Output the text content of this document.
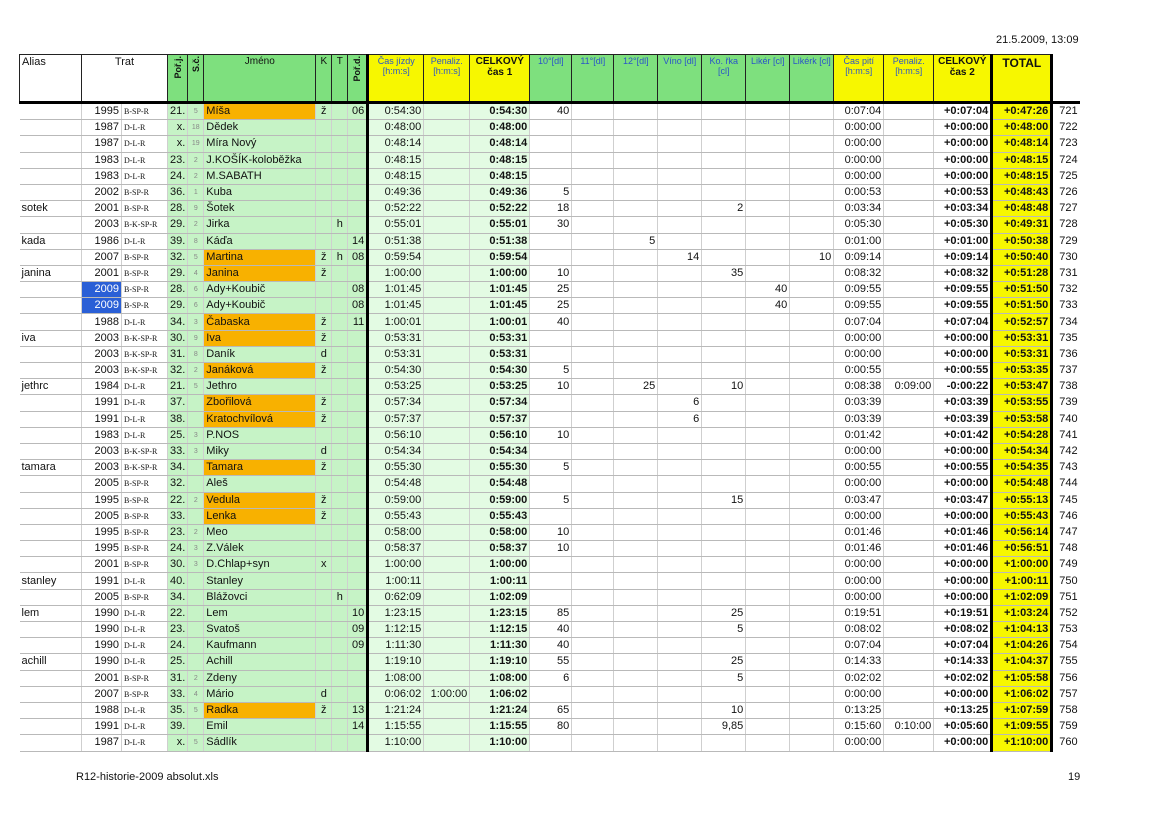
21.5.2009, 13:09
Alias	Trat		Poř.j.	S.č.	Jméno	K	T	Poř.d.	Čas jízdy [h:m:s]	Penaliz. [h:m:s]	CELKOVÝ čas 1	10°[dl]	11°[dl]	12°[dl]	Víno [dl]	Ko. řka [cl]	Likér [cl]	Likérk [cl]	Čas pití [h:m:s]	Penaliz. [h:m:s]	CELKOVÝ čas 2	TOTAL	
	1995	B-SP-R	21.	5	Míša	ž		06	0:54:30		0:54:30	40							0:07:04		+0:07:04	+0:47:26	721
	1987	D-L-R	x.	18	Dědek				0:48:00		0:48:00								0:00:00		+0:00:00	+0:48:00	722
	1987	D-L-R	x.	19	Míra Nový				0:48:14		0:48:14								0:00:00		+0:00:00	+0:48:14	723
	1983	D-L-R	23.	2	J.KOŠÍK-koloběžka				0:48:15		0:48:15								0:00:00		+0:00:00	+0:48:15	724
	1983	D-L-R	24.	2	M.SABATH				0:48:15		0:48:15								0:00:00		+0:00:00	+0:48:15	725
	2002	B-SP-R	36.	1	Kuba				0:49:36		0:49:36	5							0:00:53		+0:00:53	+0:48:43	726
sotek	2001	B-SP-R	28.	9	Šotek				0:52:22		0:52:22	18				2			0:03:34		+0:03:34	+0:48:48	727
	2003	B-K-SP-R	29.	2	Jirka		h		0:55:01		0:55:01	30							0:05:30		+0:05:30	+0:49:31	728
kada	1986	D-L-R	39.	8	Káďa			14	0:51:38		0:51:38			5					0:01:00		+0:01:00	+0:50:38	729
	2007	B-SP-R	32.	5	Martina	ž	h	08	0:59:54		0:59:54				14			10	0:09:14		+0:09:14	+0:50:40	730
janina	2001	B-SP-R	29.	4	Janina	ž			1:00:00		1:00:00	10				35			0:08:32		+0:08:32	+0:51:28	731
	2009	B-SP-R	28.	6	Ady+Koubič			08	1:01:45		1:01:45	25					40		0:09:55		+0:09:55	+0:51:50	732
	2009	B-SP-R	29.	6	Ady+Koubič			08	1:01:45		1:01:45	25					40		0:09:55		+0:09:55	+0:51:50	733
	1988	D-L-R	34.	3	Čabaska	ž		11	1:00:01		1:00:01	40							0:07:04		+0:07:04	+0:52:57	734
iva	2003	B-K-SP-R	30.	9	Iva	ž			0:53:31		0:53:31								0:00:00		+0:00:00	+0:53:31	735
	2003	B-K-SP-R	31.	8	Daník	d			0:53:31		0:53:31								0:00:00		+0:00:00	+0:53:31	736
	2003	B-K-SP-R	32.	2	Janáková	ž			0:54:30		0:54:30	5							0:00:55		+0:00:55	+0:53:35	737
jethrc	1984	D-L-R	21.	5	Jethro				0:53:25		0:53:25	10		25		10			0:08:38	0:09:00	-0:00:22	+0:53:47	738
	1991	D-L-R	37.		Zbořilová	ž			0:57:34		0:57:34				6				0:03:39		+0:03:39	+0:53:55	739
	1991	D-L-R	38.		Kratochvílová	ž			0:57:37		0:57:37				6				0:03:39		+0:03:39	+0:53:58	740
	1983	D-L-R	25.	3	P.NOS				0:56:10		0:56:10	10							0:01:42		+0:01:42	+0:54:28	741
	2003	B-K-SP-R	33.	3	Miky	d			0:54:34		0:54:34								0:00:00		+0:00:00	+0:54:34	742
tamara	2003	B-K-SP-R	34.		Tamara	ž			0:55:30		0:55:30	5							0:00:55		+0:00:55	+0:54:35	743
	2005	B-SP-R	32.		Aleš				0:54:48		0:54:48								0:00:00		+0:00:00	+0:54:48	744
	1995	B-SP-R	22.	2	Vedula	ž			0:59:00		0:59:00	5				15			0:03:47		+0:03:47	+0:55:13	745
	2005	B-SP-R	33.		Lenka	ž			0:55:43		0:55:43								0:00:00		+0:00:00	+0:55:43	746
	1995	B-SP-R	23.	2	Meo				0:58:00		0:58:00	10							0:01:46		+0:01:46	+0:56:14	747
	1995	B-SP-R	24.	3	Z.Válek				0:58:37		0:58:37	10							0:01:46		+0:01:46	+0:56:51	748
	2001	B-SP-R	30.	3	D.Chlap+syn	x			1:00:00		1:00:00								0:00:00		+0:00:00	+1:00:00	749
stanley	1991	D-L-R	40.		Stanley				1:00:11		1:00:11								0:00:00		+0:00:00	+1:00:11	750
	2005	B-SP-R	34.		Blážovci		h		0:62:09		1:02:09								0:00:00		+0:00:00	+1:02:09	751
lem	1990	D-L-R	22.		Lem			10	1:23:15		1:23:15	85				25			0:19:51		+0:19:51	+1:03:24	752
	1990	D-L-R	23.		Svatoš			09	1:12:15		1:12:15	40				5			0:08:02		+0:08:02	+1:04:13	753
	1990	D-L-R	24.		Kaufmann			09	1:11:30		1:11:30	40							0:07:04		+0:07:04	+1:04:26	754
achill	1990	D-L-R	25.		Achill				1:19:10		1:19:10	55				25			0:14:33		+0:14:33	+1:04:37	755
	2001	B-SP-R	31.	2	Zdeny				1:08:00		1:08:00	6				5			0:02:02		+0:02:02	+1:05:58	756
	2007	B-SP-R	33.	4	Mário	d			0:06:02	1:00:00	1:06:02								0:00:00		+0:00:00	+1:06:02	757
	1988	D-L-R	35.	5	Radka	ž		13	1:21:24		1:21:24	65				10			0:13:25		+0:13:25	+1:07:59	758
	1991	D-L-R	39.		Emil			14	1:15:55		1:15:55	80				9,85			0:15:60	0:10:00	+0:05:60	+1:09:55	759
	1987	D-L-R	x.	5	Sádlík				1:10:00		1:10:00								0:00:00		+0:00:00	+1:10:00	760
R12-historie-2009 absolut.xls	19
